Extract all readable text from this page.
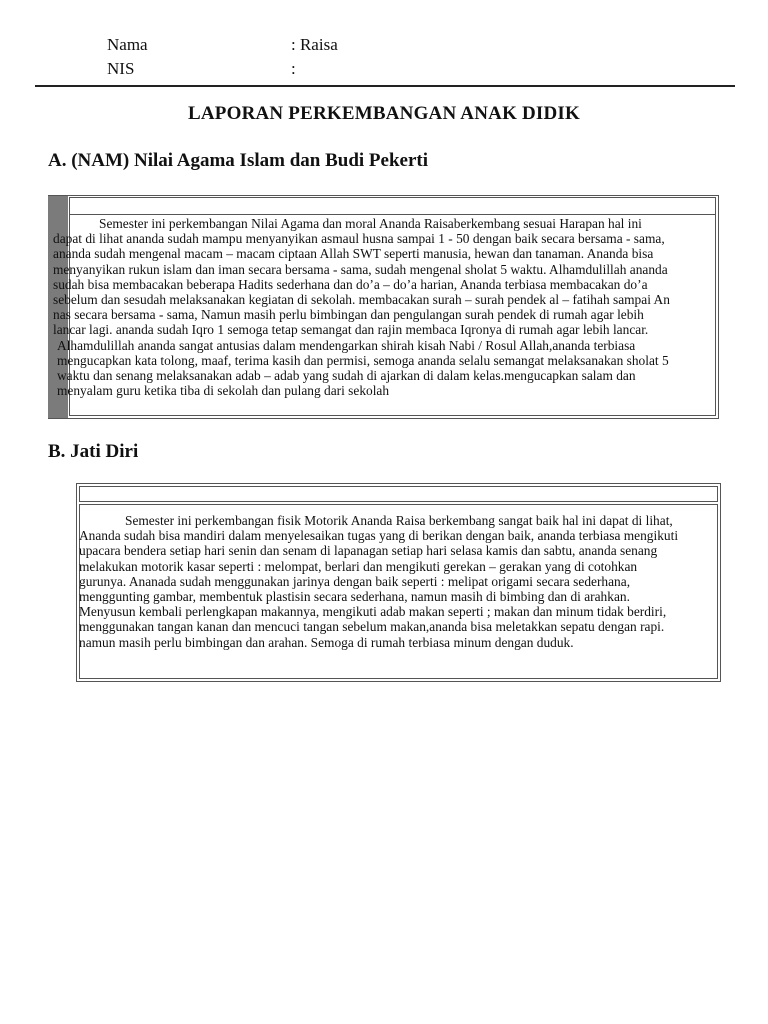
Nama	: Raisa
NIS	:
LAPORAN PERKEMBANGAN ANAK DIDIK
A. (NAM) Nilai Agama Islam dan Budi Pekerti
Semester ini perkembangan Nilai Agama dan moral Ananda Raisaberkembang sesuai Harapan hal ini
dapat di lihat ananda sudah mampu menyanyikan asmaul husna sampai 1 - 50 dengan baik secara bersama - sama,
ananda sudah mengenal macam – macam ciptaan Allah SWT seperti manusia, hewan dan tanaman. Ananda bisa
menyanyikan rukun islam dan iman secara bersama - sama, sudah mengenal sholat 5 waktu. Alhamdulillah ananda
sudah bisa membacakan beberapa Hadits sederhana dan do’a – do’a harian, Ananda terbiasa membacakan do’a
sebelum dan sesudah melaksanakan kegiatan di sekolah. membacakan surah – surah pendek al – fatihah sampai An
nas secara bersama - sama, Namun masih perlu bimbingan dan pengulangan surah pendek di rumah agar lebih
lancar lagi. ananda sudah Iqro 1 semoga tetap semangat dan rajin membaca Iqronya di rumah agar lebih lancar.
Alhamdulillah ananda sangat antusias dalam mendengarkan shirah kisah Nabi / Rosul Allah,ananda terbiasa
mengucapkan kata tolong, maaf, terima kasih dan permisi, semoga ananda selalu semangat melaksanakan sholat 5
waktu dan senang melaksanakan adab – adab yang sudah di ajarkan di dalam kelas.mengucapkan salam dan
menyalam guru ketika tiba di sekolah dan pulang dari sekolah
B. Jati Diri
Semester ini perkembangan fisik Motorik Ananda Raisa berkembang sangat baik hal ini dapat di lihat,
Ananda sudah bisa mandiri dalam menyelesaikan tugas yang di berikan dengan baik, ananda terbiasa mengikuti
upacara bendera setiap hari senin dan senam di lapanagan setiap hari selasa kamis dan sabtu, ananda senang
melakukan motorik kasar seperti : melompat, berlari dan mengikuti gerekan – gerakan yang di cotohkan
gurunya. Ananada sudah menggunakan jarinya dengan baik seperti : melipat origami secara sederhana,
menggunting gambar, membentuk plastisin secara sederhana, namun masih di bimbing dan di arahkan.
Menyusun kembali perlengkapan makannya, mengikuti adab makan seperti ; makan dan minum tidak berdiri,
menggunakan tangan kanan dan mencuci tangan sebelum makan,ananda bisa meletakkan sepatu dengan rapi.
namun masih perlu bimbingan dan arahan. Semoga di rumah terbiasa minum dengan duduk.
